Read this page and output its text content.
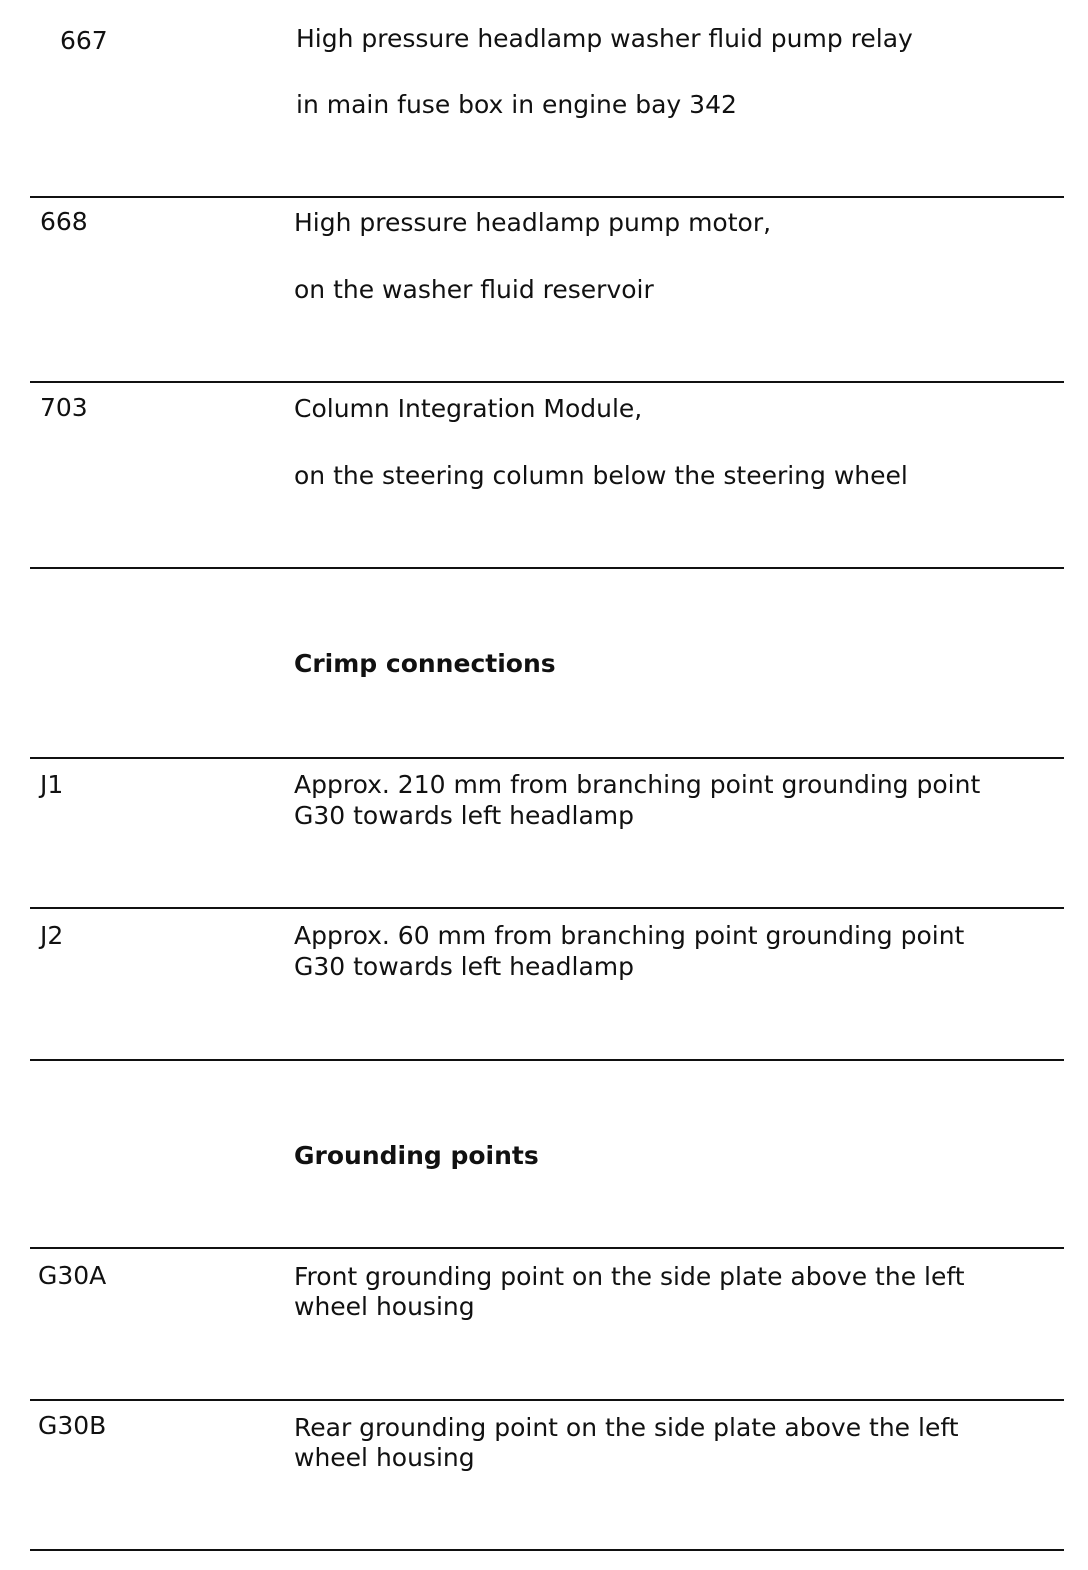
667	High pressure headlamp washer fluid pump relay
in main fuse box in engine bay 342
668	High pressure headlamp pump motor,
on the washer fluid reservoir
703	Column Integration Module,
on the steering column below the steering wheel
Crimp connections
J1	Approx. 210 mm from branching point grounding point
G30 towards left headlamp
J2	Approx. 60 mm from branching point grounding point
G30 towards left headlamp
Grounding points
G30A	Front grounding point on the side plate above the left
wheel housing
G30B	Rear grounding point on the side plate above the left
wheel housing
